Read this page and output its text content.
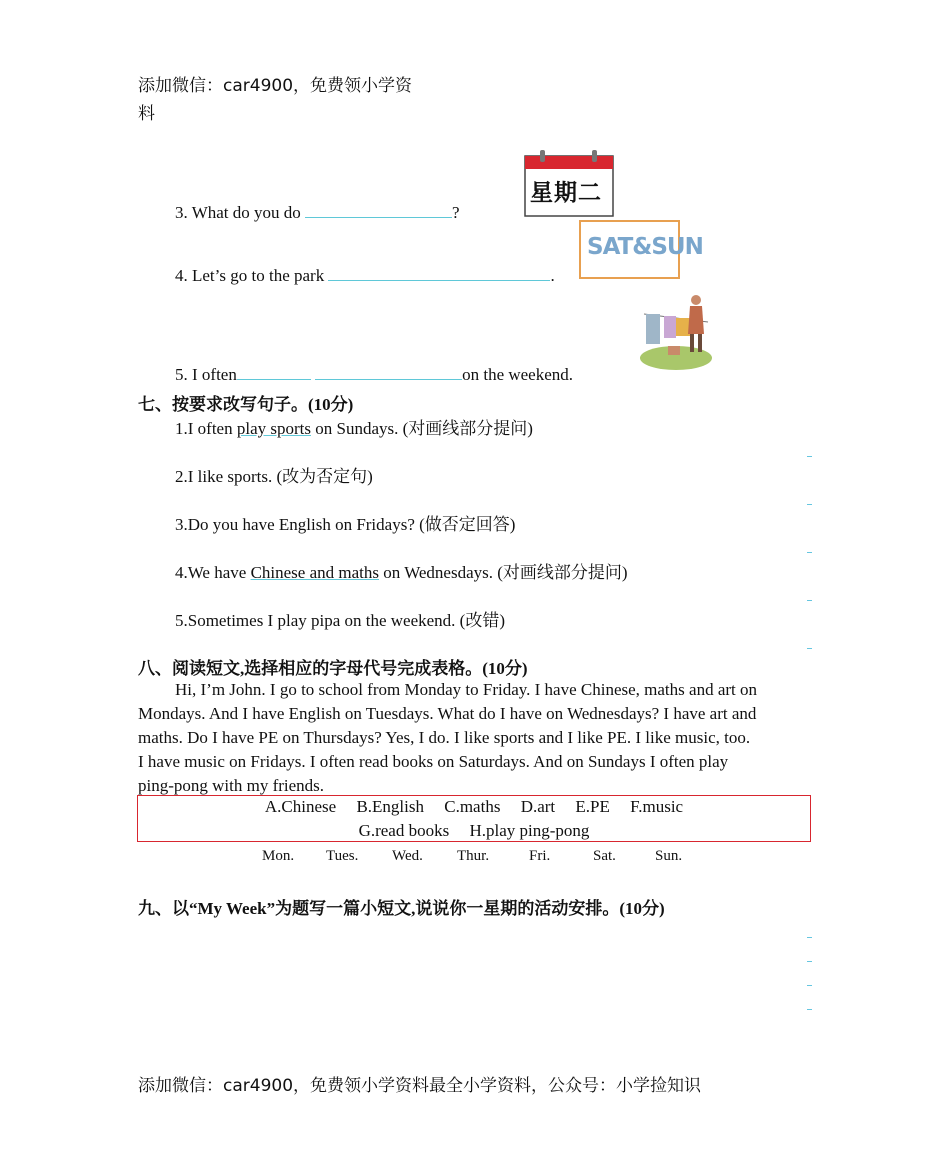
添加微信：car4900，免费领小学资
料
星期二
SAT&SUN
3. What do you do	?
4. Let’s go to the park	.
5. I often	on the weekend.
七、按要求改写句子。(10分)
1.I often play sports on Sundays. (对画线部分提问)
2.I like sports. (改为否定句)
3.Do you have English on Fridays? (做否定回答)
4.We have Chinese and maths on Wednesdays. (对画线部分提问)
5.Sometimes I play pipa on the weekend. (改错)
八、阅读短文,选择相应的字母代号完成表格。(10分)
Hi, I’m John. I go to school from Monday to Friday. I have Chinese, maths and art on
Mondays. And I have English on Tuesdays. What do I have on Wednesdays? I have art and
maths. Do I have PE on Thursdays? Yes, I do. I like sports and I like PE. I like music, too.
I have music on Fridays. I often read books on Saturdays. And on Sundays I often play
ping-pong with my friends.
A.Chinese B.English C.maths D.art E.PE F.music
G.read books H.play ping-pong
Mon. Tues. Wed. Thur.	Fri.	Sat.	Sun.
九、以“My Week”为题写一篇小短文,说说你一星期的活动安排。(10分)
添加微信：car4900，免费领小学资料最全小学资料，公众号：小学捡知识
